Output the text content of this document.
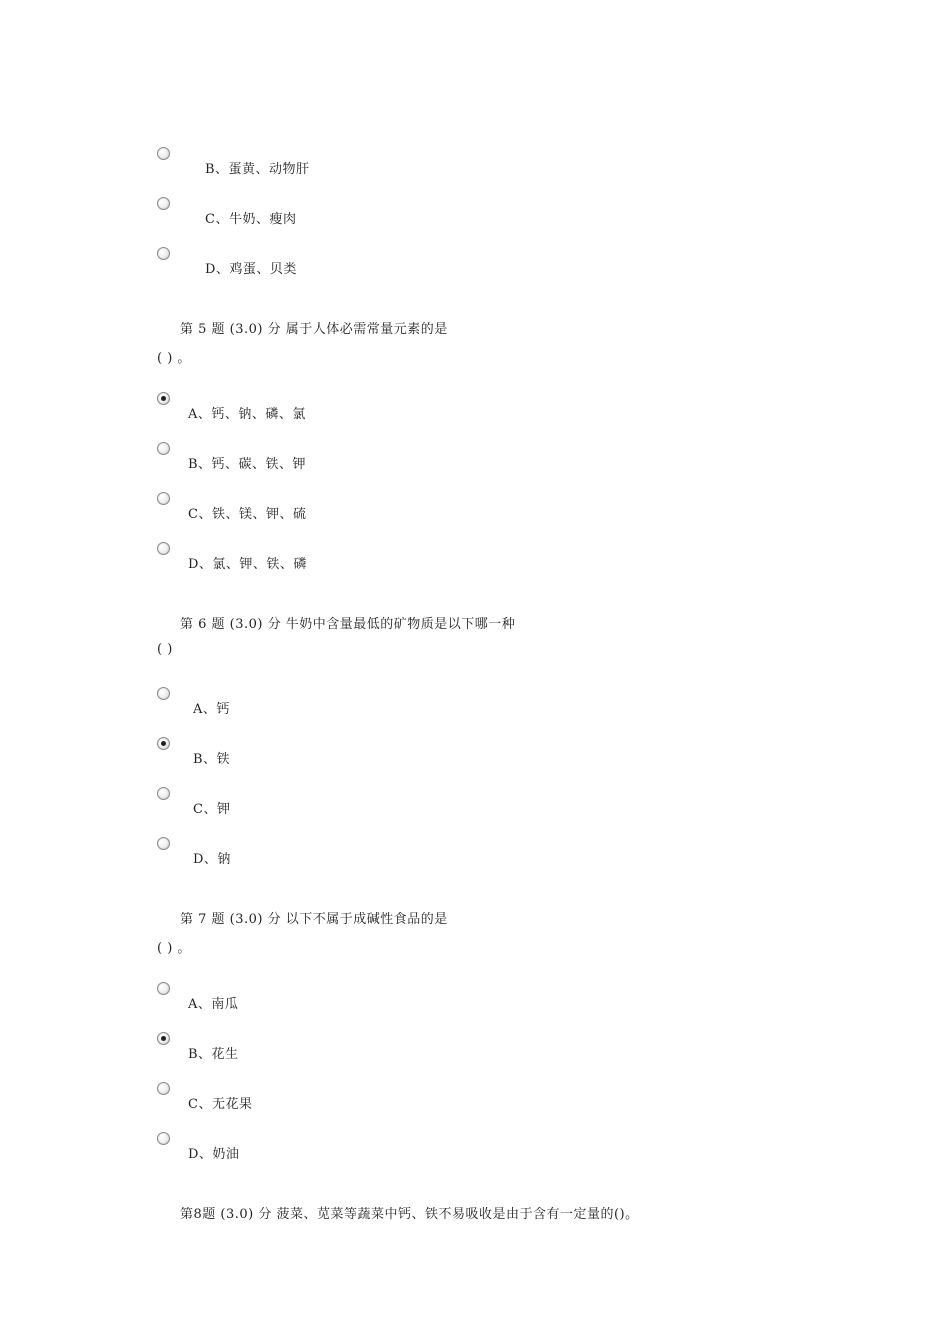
B、蛋黄、动物肝
C、牛奶、瘦肉
D、鸡蛋、贝类
第 5 题 (3.0) 分 属于人体必需常量元素的是
( ) 。
A、钙、钠、磷、氯
B、钙、碳、铁、钾
C、铁、镁、钾、硫
D、氯、钾、铁、磷
第 6 题 (3.0) 分 牛奶中含量最低的矿物质是以下哪一种
( )
A、钙
B、铁
C、钾
D、钠
第 7 题 (3.0) 分 以下不属于成碱性食品的是
( ) 。
A、南瓜
B、花生
C、无花果
D、奶油
第8题 (3.0) 分 菠菜、苋菜等蔬菜中钙、铁不易吸收是由于含有一定量的()。
